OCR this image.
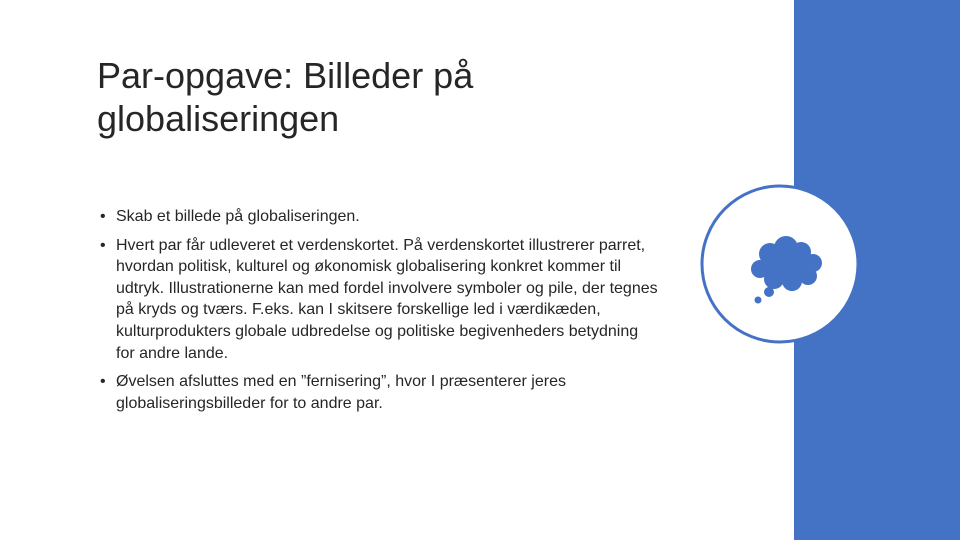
Par-opgave: Billeder på globaliseringen
• Skab et billede på globaliseringen.
• Hvert par får udleveret et verdenskortet. På verdenskortet illustrerer parret, hvordan politisk, kulturel og økonomisk globalisering konkret kommer til udtryk. Illustrationerne kan med fordel involvere symboler og pile, der tegnes på kryds og tværs. F.eks. kan I skitsere forskellige led i værdikæden, kulturprodukters globale udbredelse og politiske begivenheders betydning for andre lande.
• Øvelsen afsluttes med en ”fernisering”, hvor I præsenterer jeres globaliseringsbilleder for to andre par.
